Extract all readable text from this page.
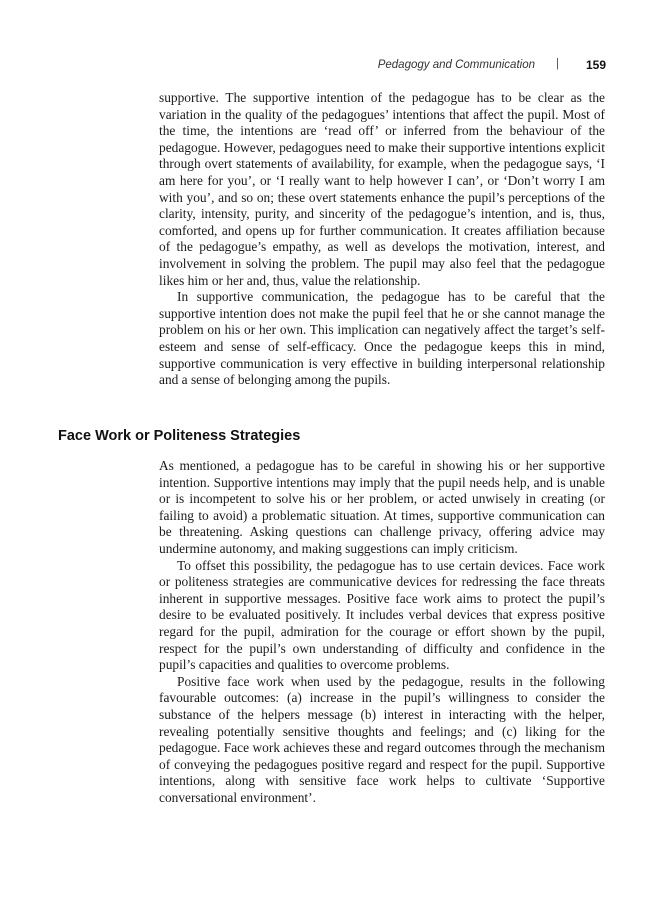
Pedagogy and Communication | 159

supportive. The supportive intention of the pedagogue has to be clear as the variation in the quality of the pedagogues’ intentions that affect the pupil. Most of the time, the intentions are ‘read off’ or inferred from the behaviour of the pedagogue. However, pedagogues need to make their supportive intentions explicit through overt statements of availability, for example, when the pedagogue says, ‘I am here for you’, or ‘I really want to help however I can’, or ‘Don’t worry I am with you’, and so on; these overt statements enhance the pupil’s perceptions of the clarity, intensity, purity, and sincerity of the pedagogue’s intention, and is, thus, comforted, and opens up for further communication. It creates affiliation because of the pedagogue’s empathy, as well as develops the motivation, interest, and involvement in solving the problem. The pupil may also feel that the pedagogue likes him or her and, thus, value the relationship.

In supportive communication, the pedagogue has to be careful that the supportive intention does not make the pupil feel that he or she cannot manage the problem on his or her own. This implication can negatively affect the target’s self-esteem and sense of self-efficacy. Once the pedagogue keeps this in mind, supportive communication is very effective in building interpersonal relationship and a sense of belonging among the pupils.

Face Work or Politeness Strategies

As mentioned, a pedagogue has to be careful in showing his or her supportive intention. Supportive intentions may imply that the pupil needs help, and is unable or is incompetent to solve his or her problem, or acted unwisely in creating (or failing to avoid) a problematic situation. At times, supportive communication can be threatening. Asking questions can challenge privacy, offering advice may undermine autonomy, and making suggestions can imply criticism.

To offset this possibility, the pedagogue has to use certain devices. Face work or politeness strategies are communicative devices for redressing the face threats inherent in supportive messages. Positive face work aims to protect the pupil’s desire to be evaluated positively. It includes verbal devices that express positive regard for the pupil, admiration for the courage or effort shown by the pupil, respect for the pupil’s own understanding of difficulty and confidence in the pupil’s capacities and qualities to overcome problems.

Positive face work when used by the pedagogue, results in the following favourable outcomes: (a) increase in the pupil’s willingness to consider the substance of the helpers message (b) interest in interacting with the helper, revealing potentially sensitive thoughts and feelings; and (c) liking for the pedagogue. Face work achieves these and regard outcomes through the mechanism of conveying the pedagogues positive regard and respect for the pupil. Supportive intentions, along with sensitive face work helps to cultivate ‘Supportive conversational environment’.
